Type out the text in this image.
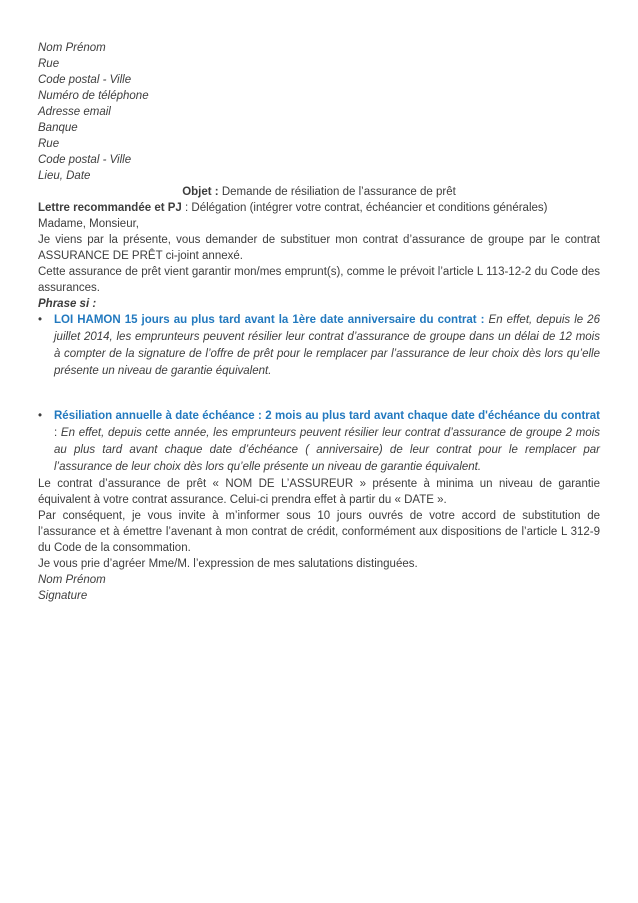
Nom Prénom
Rue
Code postal - Ville
Numéro de téléphone
Adresse email
Banque
Rue
Code postal - Ville
Lieu, Date
Objet : Demande de résiliation de l’assurance de prêt
Lettre recommandée et PJ : Délégation (intégrer votre contrat, échéancier et conditions générales)
Madame, Monsieur,

Je viens par la présente, vous demander de substituer mon contrat d’assurance de groupe par le contrat ASSURANCE DE PRÊT ci-joint annexé.

Cette assurance de prêt vient garantir mon/mes emprunt(s), comme le prévoit l’article L 113-12-2 du Code des assurances.

Phrase si :
•	LOI HAMON 15 jours au plus tard avant la 1ère date anniversaire du contrat : En effet, depuis le 26 juillet 2014, les emprunteurs peuvent résilier leur contrat d’assurance de groupe dans un délai de 12 mois à compter de la signature de l’offre de prêt pour le remplacer par l’assurance de leur choix dès lors qu’elle présente un niveau de garantie équivalent.
•	Résiliation annuelle à date échéance : 2 mois au plus tard avant chaque date d'échéance du contrat : En effet, depuis cette année, les emprunteurs peuvent résilier leur contrat d’assurance de groupe 2 mois au plus tard avant chaque date d’échéance ( anniversaire) de leur contrat pour le remplacer par l’assurance de leur choix dès lors qu’elle présente un niveau de garantie équivalent.

Le contrat d’assurance de prêt « NOM DE L’ASSUREUR » présente à minima un niveau de garantie équivalent à votre contrat assurance. Celui-ci prendra effet à partir du « DATE ».

Par conséquent, je vous invite à m’informer sous 10 jours ouvrés de votre accord de substitution de l’assurance et à émettre l’avenant à mon contrat de crédit, conformément aux dispositions de l’article L 312-9 du Code de la consommation.

Je vous prie d’agréer Mme/M. l’expression de mes salutations distinguées.

Nom Prénom
Signature
